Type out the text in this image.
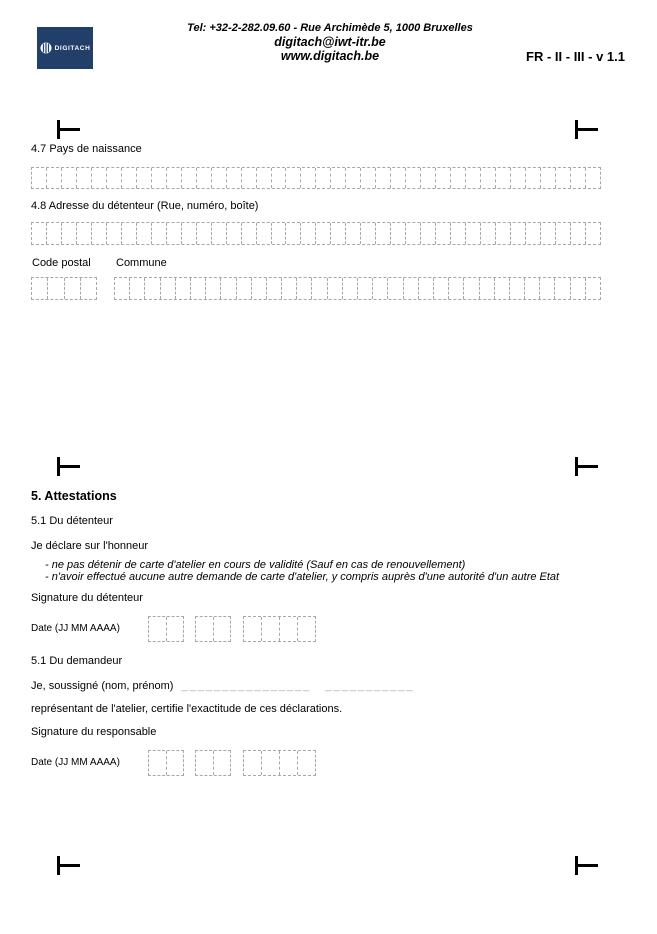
DIGITACH
Tel: +32-2-282.09.60 - Rue Archimède 5, 1000 Bruxelles
digitach@iwt-itr.be
www.digitach.be	FR - II - III - v 1.1
4.7 Pays de naissance
4.8 Adresse du détenteur (Rue, numéro, boîte)
Code postal Commune
5. Attestations
5.1 Du détenteur
Je déclare sur l'honneur
- ne pas détenir de carte d'atelier en cours de validité (Sauf en cas de renouvellement)
- n'avoir effectué aucune autre demande de carte d'atelier, y compris auprès d'une autorité d'un autre Etat
Signature du détenteur
Date (JJ MM AAAA)
5.1 Du demandeur
Je, soussigné (nom, prénom) ________________ ___________
représentant de l'atelier, certifie l'exactitude de ces déclarations.
Signature du responsable
Date (JJ MM AAAA)
